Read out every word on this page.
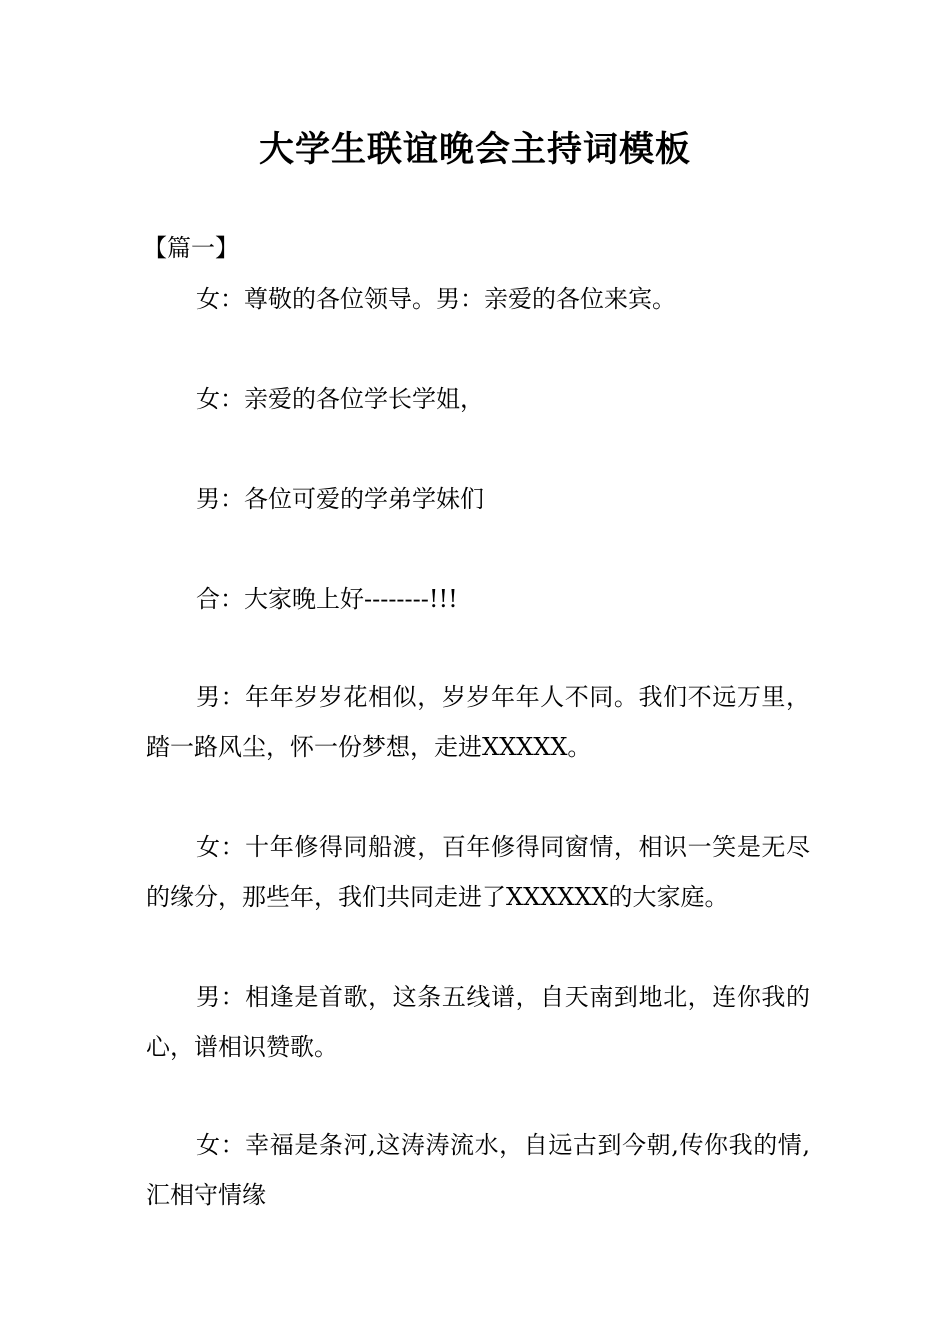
大学生联谊晚会主持词模板
【篇一】

女：尊敬的各位领导。男：亲爱的各位来宾。

女：亲爱的各位学长学姐，

男：各位可爱的学弟学妹们

合：大家晚上好--------!!!

男：年年岁岁花相似，岁岁年年人不同。我们不远万里，踏一路风尘，怀一份梦想，走进XXXXX。

女：十年修得同船渡，百年修得同窗情，相识一笑是无尽的缘分，那些年，我们共同走进了XXXXXX的大家庭。

男：相逢是首歌，这条五线谱，自天南到地北，连你我的心，谱相识赞歌。

女：幸福是条河,这涛涛流水，自远古到今朝,传你我的情,汇相守情缘
